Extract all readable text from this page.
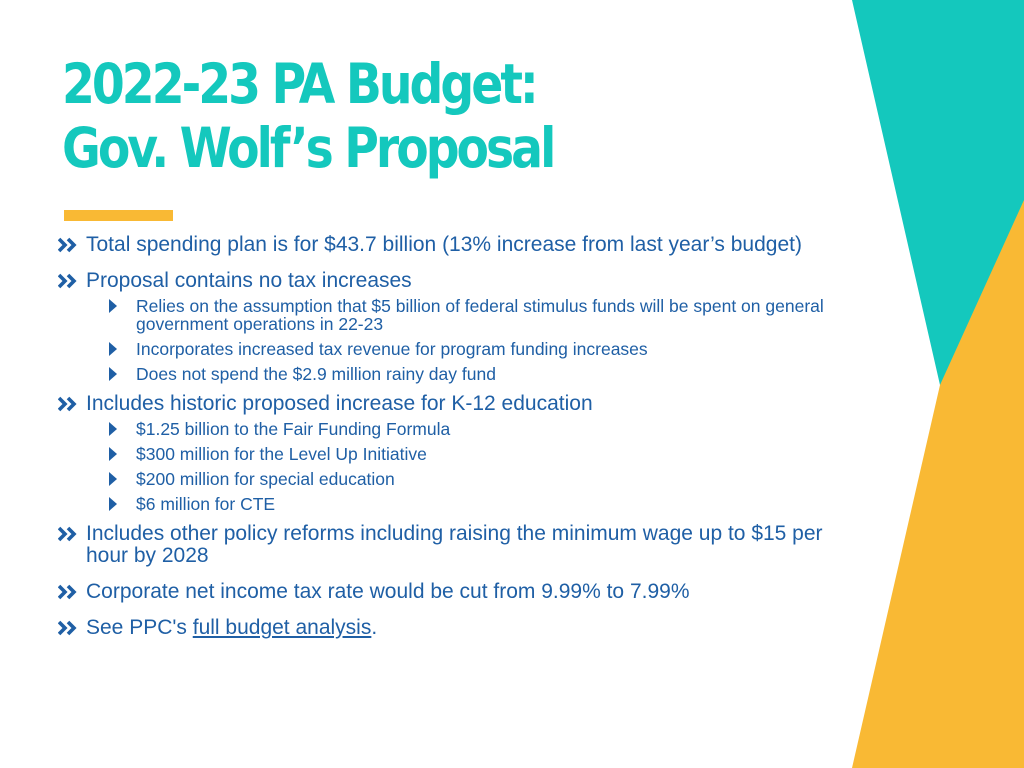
2022-23 PA Budget:
Gov. Wolf’s Proposal
Total spending plan is for $43.7 billion (13% increase from last year’s budget)
Proposal contains no tax increases
Relies on the assumption that $5 billion of federal stimulus funds will be spent on general government operations in 22-23
Incorporates increased tax revenue for program funding increases
Does not spend the $2.9 million rainy day fund
Includes historic proposed increase for K-12 education
$1.25 billion to the Fair Funding Formula
$300 million for the Level Up Initiative
$200 million for special education
$6 million for CTE
Includes other policy reforms including raising the minimum wage up to $15 per hour by 2028
Corporate net income tax rate would be cut from 9.99% to 7.99%
See PPC's full budget analysis.
